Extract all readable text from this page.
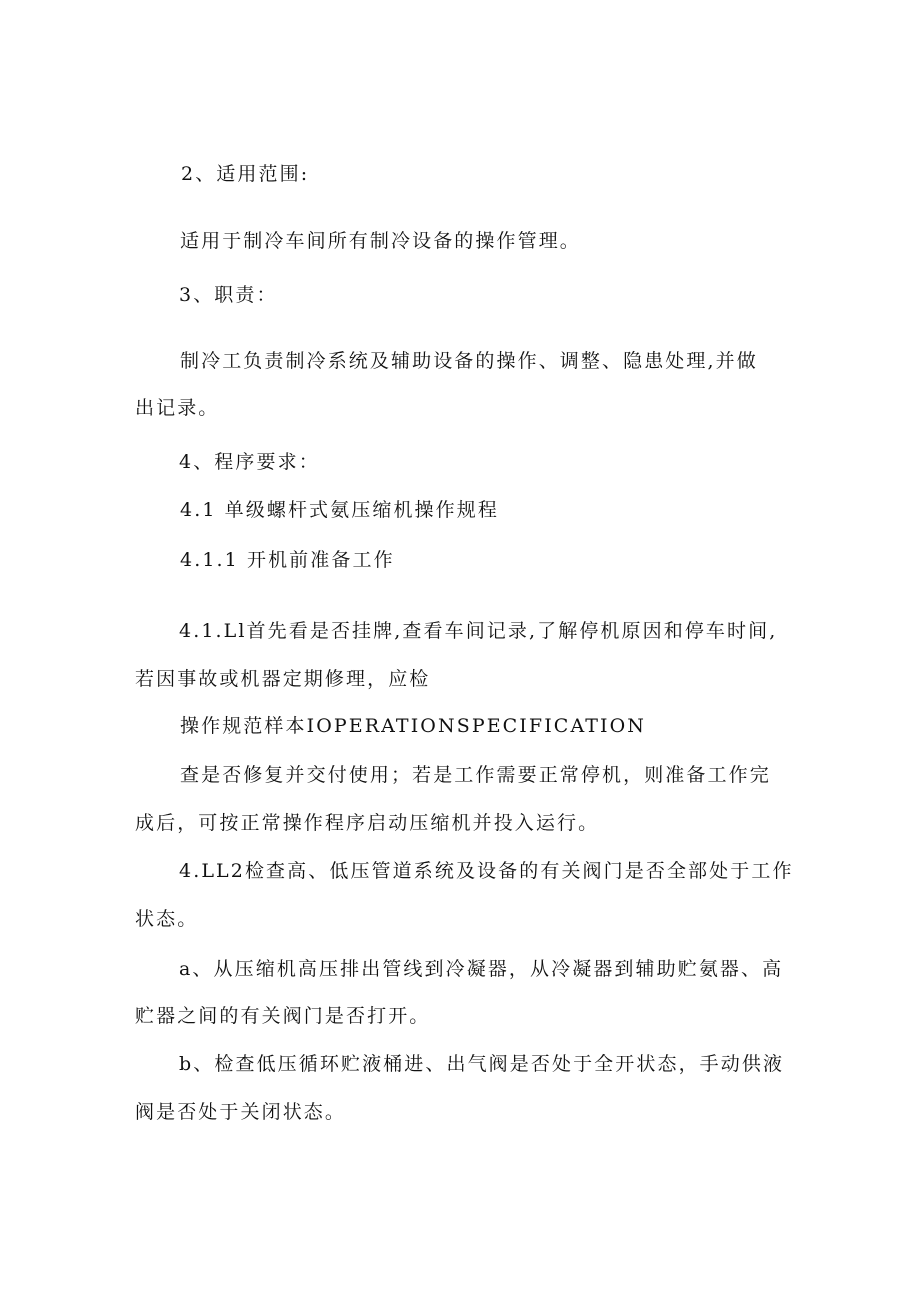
2、适用范围:
适用于制冷车间所有制冷设备的操作管理。
3、职责：
制冷工负责制冷系统及辅助设备的操作、调整、隐患处理,并做
出记录。
4、程序要求：
4.1 单级螺杆式氨压缩机操作规程
4.1.1 开机前准备工作
4.1.Ll首先看是否挂牌,查看车间记录,了解停机原因和停车时间,
若因事故或机器定期修理，应检
操作规范样本IOPERATIONSPECIFICATION
查是否修复并交付使用；若是工作需要正常停机，则准备工作完
成后，可按正常操作程序启动压缩机并投入运行。
4.LL2检查高、低压管道系统及设备的有关阀门是否全部处于工作
状态。
a、从压缩机高压排出管线到冷凝器，从冷凝器到辅助贮氨器、高
贮器之间的有关阀门是否打开。
b、检查低压循环贮液桶进、出气阀是否处于全开状态，手动供液
阀是否处于关闭状态。
